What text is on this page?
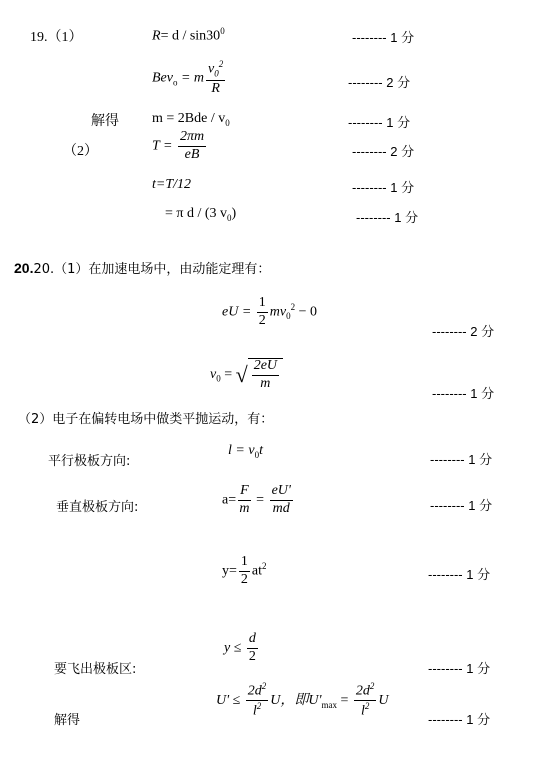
19.（1）	$R= d / \sin 30^0$	-------- 1 分
Bev$_o$ = m $\frac{v_0^2}{R}$	-------- 2 分
解得 $m = 2Bde / v_0$	-------- 1 分
（2）	$T = \frac{2\pi m}{eB}$	-------- 2 分
t=T/12	-------- 1 分
= π d / (3 $v_0$)	-------- 1 分
20.20.（1）在加速电场中，由动能定理有：
eU = $\frac{1}{2} mv_0^2 - 0$
-------- 2 分
$v_0$ = √ $\frac{2eU}{m}$
-------- 1 分
（2）电子在偏转电场中做类平抛运动，有：
平行极板方向:
$l = v_0t$
-------- 1 分
垂直极板方向:
$a= \frac{F}{m} = \frac{eU'}{md}$	-------- 1 分
$y= \frac{1}{2} at^2$
-------- 1 分
$y \le \frac{d}{2}$
要飞出极板区:	-------- 1 分
$U' \le \frac{2d^2}{l^2}$ U，即$U'_{max} = \frac{2d^2}{l^2}$ U
解得	-------- 1 分
